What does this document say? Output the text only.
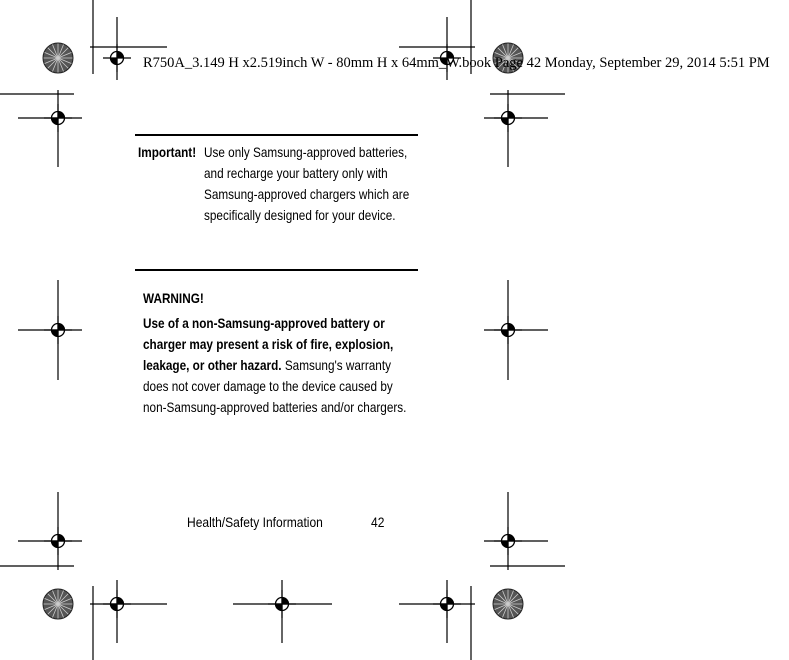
R750A_3.149 H x2.519inch W - 80mm H x 64mm_W.book Page 42 Monday, September 29, 2014 5:51 PM
Important! Use only Samsung-approved batteries, and recharge your battery only with Samsung-approved chargers which are specifically designed for your device.
WARNING!
Use of a non-Samsung-approved battery or charger may present a risk of fire, explosion, leakage, or other hazard. Samsung's warranty does not cover damage to the device caused by non-Samsung-approved batteries and/or chargers.
Health/Safety Information	42
